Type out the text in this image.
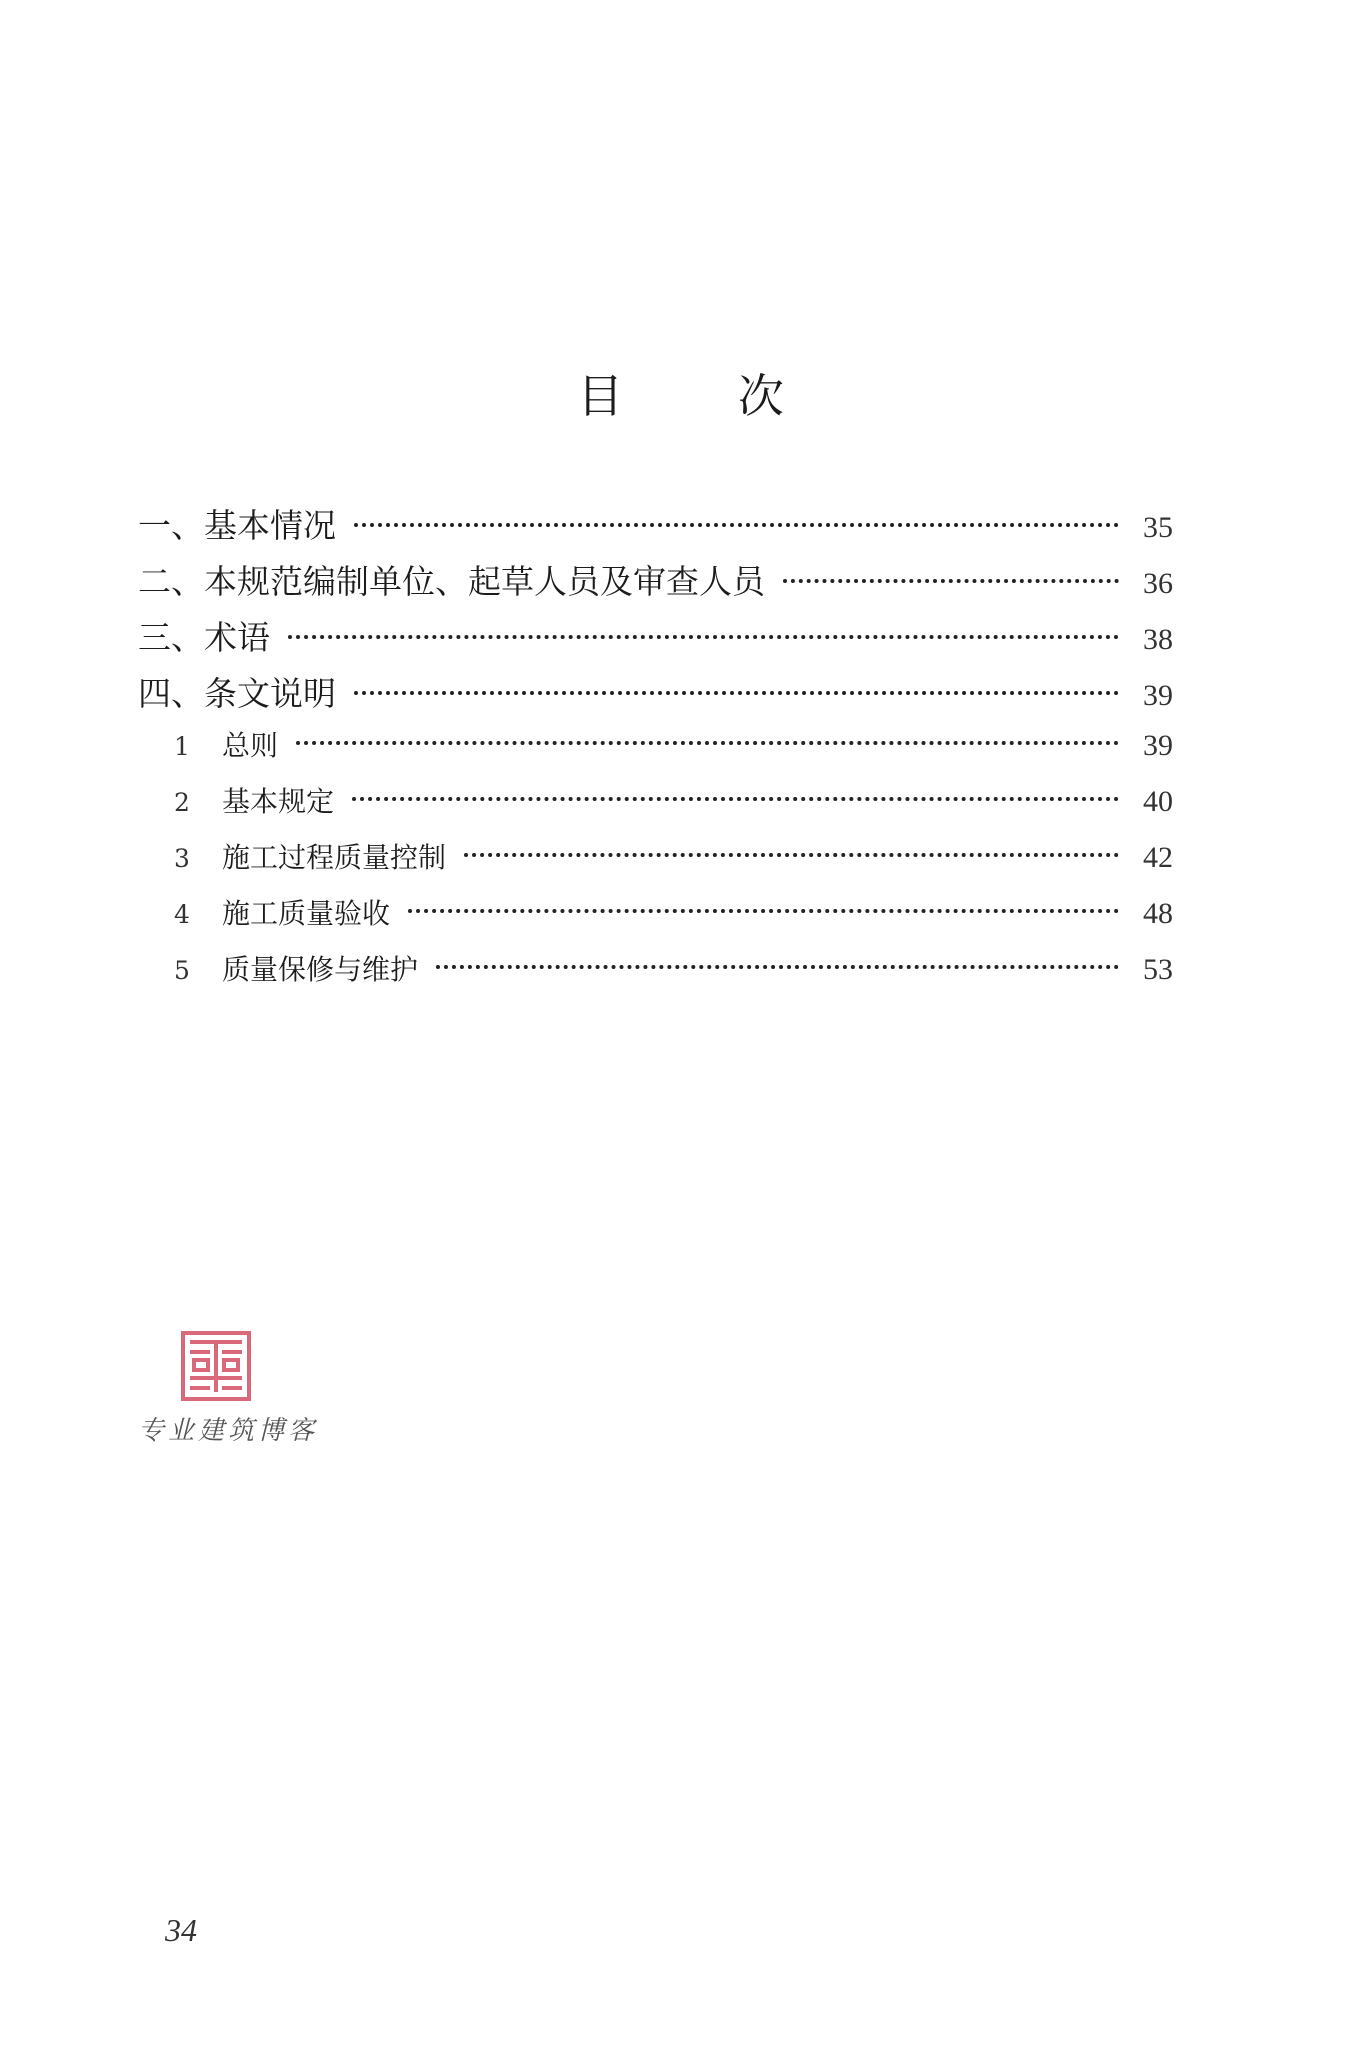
目 次
一、基本情况	35
二、本规范编制单位、起草人员及审查人员	36
三、术语	38
四、条文说明	39
1	总则	39
2	基本规定	40
3	施工过程质量控制	42
4	施工质量验收	48
5	质量保修与维护	53
专业建筑博客
34
